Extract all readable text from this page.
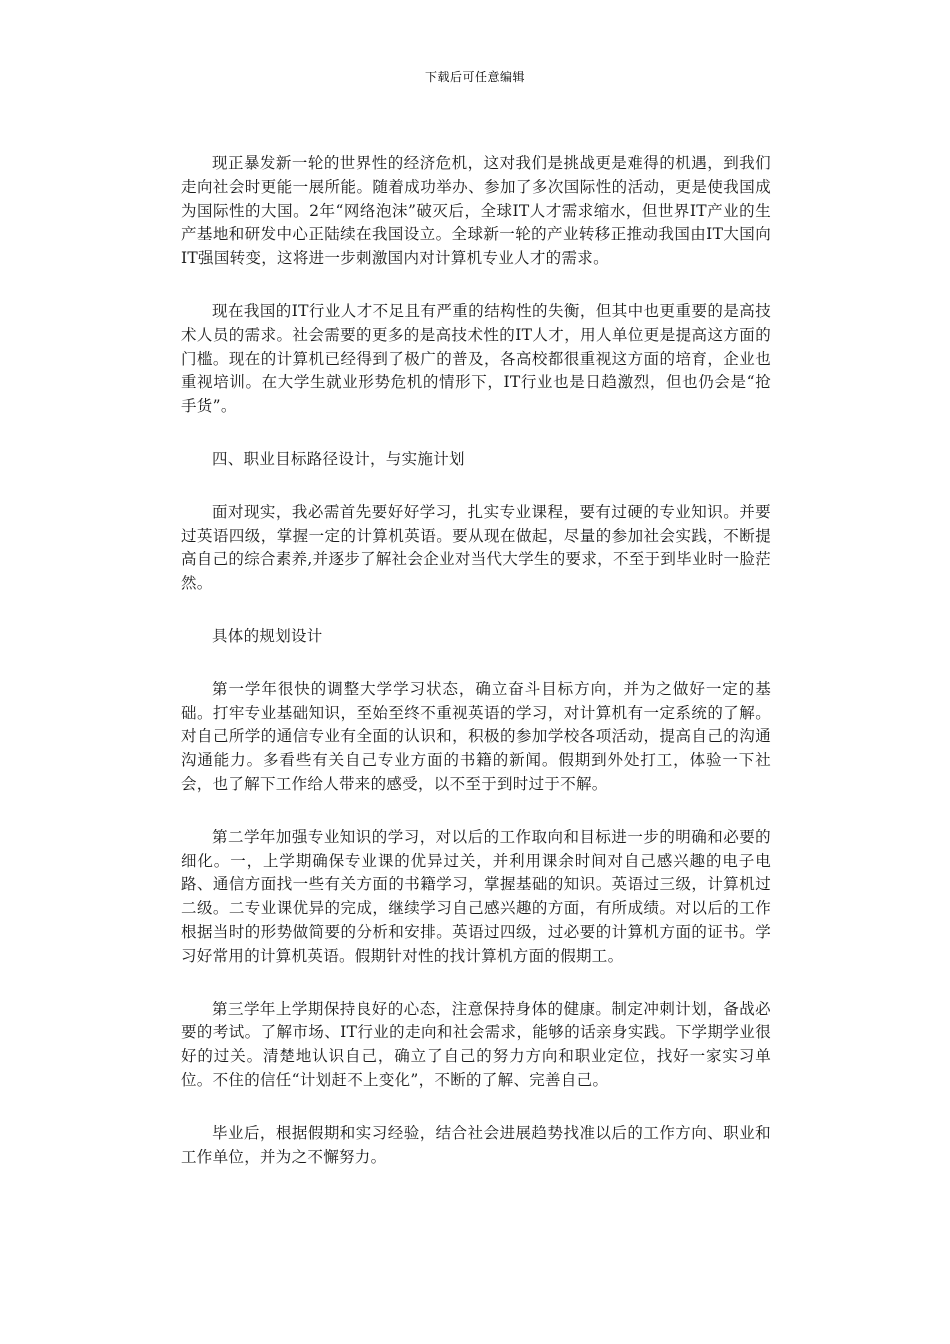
下载后可任意编辑

现正暴发新一轮的世界性的经济危机，这对我们是挑战更是难得的机遇，到我们走向社会时更能一展所能。随着成功举办、参加了多次国际性的活动，更是使我国成为国际性的大国。2年“网络泡沫”破灭后，全球IT人才需求缩水，但世界IT产业的生产基地和研发中心正陆续在我国设立。全球新一轮的产业转移正推动我国由IT大国向IT强国转变，这将进一步刺激国内对计算机专业人才的需求。

现在我国的IT行业人才不足且有严重的结构性的失衡，但其中也更重要的是高技术人员的需求。社会需要的更多的是高技术性的IT人才，用人单位更是提高这方面的门槛。现在的计算机已经得到了极广的普及，各高校都很重视这方面的培育，企业也重视培训。在大学生就业形势危机的情形下，IT行业也是日趋激烈，但也仍会是“抢手货”。

四、职业目标路径设计，与实施计划

面对现实，我必需首先要好好学习，扎实专业课程，要有过硬的专业知识。并要过英语四级，掌握一定的计算机英语。要从现在做起，尽量的参加社会实践，不断提高自己的综合素养,并逐步了解社会企业对当代大学生的要求，不至于到毕业时一脸茫然。

具体的规划设计

第一学年很快的调整大学学习状态，确立奋斗目标方向，并为之做好一定的基础。打牢专业基础知识，至始至终不重视英语的学习，对计算机有一定系统的了解。对自己所学的通信专业有全面的认识和，积极的参加学校各项活动，提高自己的沟通沟通能力。多看些有关自己专业方面的书籍的新闻。假期到外处打工，体验一下社会，也了解下工作给人带来的感受，以不至于到时过于不解。

第二学年加强专业知识的学习，对以后的工作取向和目标进一步的明确和必要的细化。一，上学期确保专业课的优异过关，并利用课余时间对自己感兴趣的电子电路、通信方面找一些有关方面的书籍学习，掌握基础的知识。英语过三级，计算机过二级。二专业课优异的完成，继续学习自己感兴趣的方面，有所成绩。对以后的工作根据当时的形势做简要的分析和安排。英语过四级，过必要的计算机方面的证书。学习好常用的计算机英语。假期针对性的找计算机方面的假期工。

第三学年上学期保持良好的心态，注意保持身体的健康。制定冲刺计划，备战必要的考试。了解市场、IT行业的走向和社会需求，能够的话亲身实践。下学期学业很好的过关。清楚地认识自己，确立了自己的努力方向和职业定位，找好一家实习单位。不住的信任“计划赶不上变化”，不断的了解、完善自己。

毕业后，根据假期和实习经验，结合社会进展趋势找准以后的工作方向、职业和工作单位，并为之不懈努力。
